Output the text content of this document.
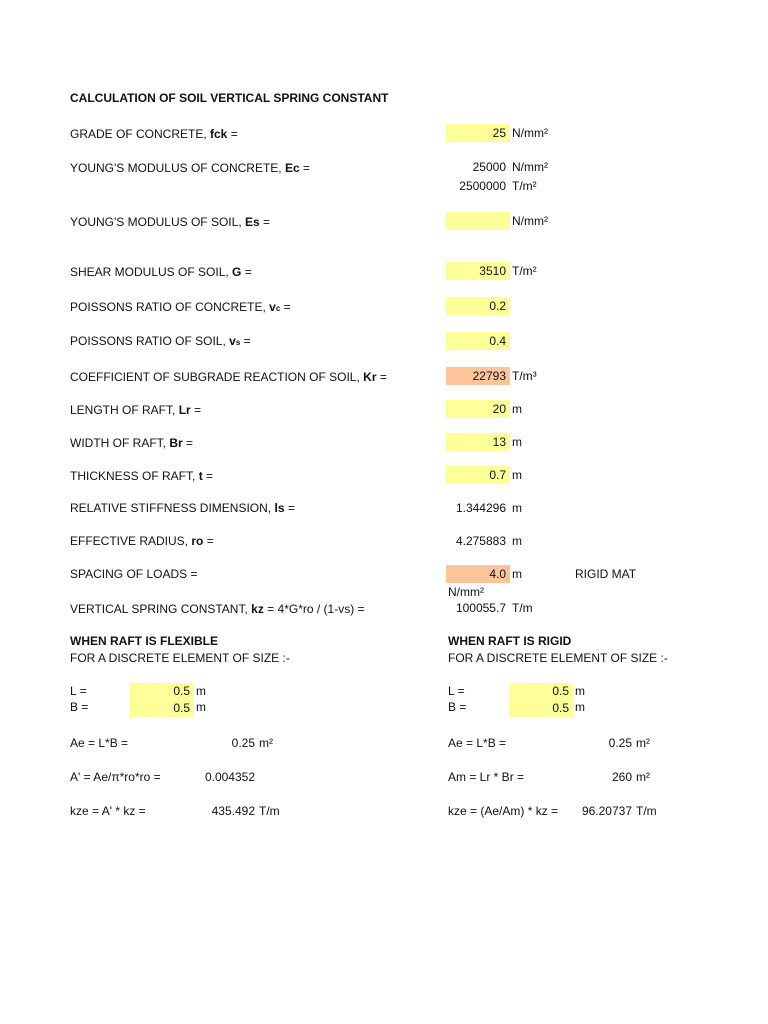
CALCULATION OF SOIL VERTICAL SPRING CONSTANT
GRADE OF CONCRETE, fck =	25 N/mm²
YOUNG'S MODULUS OF CONCRETE, Ec =	25000 N/mm²
2500000 T/m²
YOUNG'S MODULUS OF SOIL, Es =	N/mm²
SHEAR MODULUS OF SOIL, G =	3510 T/m²
POISSONS RATIO OF CONCRETE, vc =	0.2
POISSONS RATIO OF SOIL, vs =	0.4
COEFFICIENT OF SUBGRADE REACTION OF SOIL, Kr =	22793 T/m³
LENGTH OF RAFT, Lr =	20 m
WIDTH OF RAFT, Br =	13 m
THICKNESS OF RAFT, t =	0.7 m
RELATIVE STIFFNESS DIMENSION, ls =	1.344296 m
EFFECTIVE RADIUS, ro =	4.275883 m
SPACING OF LOADS =	4.0 m	RIGID MAT
N/mm²
VERTICAL SPRING CONSTANT, kz = 4*G*ro / (1-vs) =	100055.7 T/m
WHEN RAFT IS FLEXIBLE
FOR A DISCRETE ELEMENT OF SIZE :-
L =	0.5 m
B =	0.5 m
Ae = L*B =	0.25 m²
A' = Ae/π*ro*ro =	0.004352
kze = A' * kz =	435.492 T/m
WHEN RAFT IS RIGID
FOR A DISCRETE ELEMENT OF SIZE :-
L =	0.5 m
B =	0.5 m
Ae = L*B =	0.25 m²
Am = Lr * Br =	260 m²
kze = (Ae/Am) * kz =	96.20737 T/m
